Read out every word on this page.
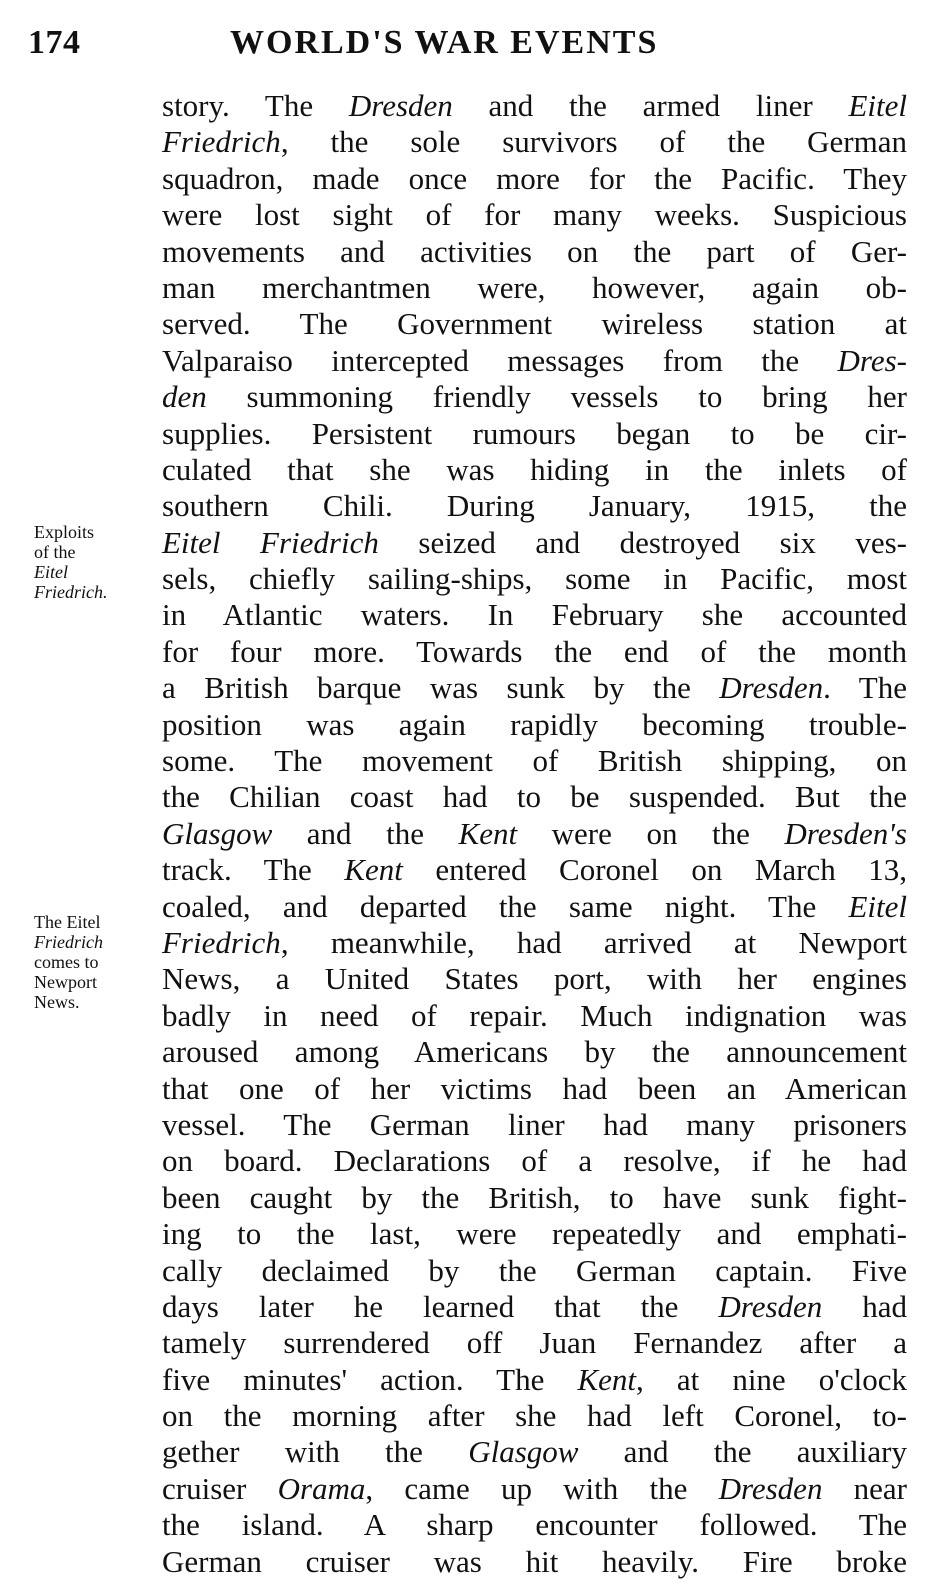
174	WORLD'S WAR EVENTS
Exploits
of the
Eitel
Friedrich.
The Eitel
Friedrich
comes to
Newport
News.
story. The Dresden and the armed liner Eitel
Friedrich, the sole survivors of the German
squadron, made once more for the Pacific. They
were lost sight of for many weeks. Suspicious
movements and activities on the part of Ger-
man merchantmen were, however, again ob-
served. The Government wireless station at
Valparaiso intercepted messages from the Dres-
den summoning friendly vessels to bring her
supplies. Persistent rumours began to be cir-
culated that she was hiding in the inlets of
southern Chili. During January, 1915, the
Eitel Friedrich seized and destroyed six ves-
sels, chiefly sailing-ships, some in Pacific, most
in Atlantic waters. In February she accounted
for four more. Towards the end of the month
a British barque was sunk by the Dresden. The
position was again rapidly becoming trouble-
some. The movement of British shipping, on
the Chilian coast had to be suspended. But the
Glasgow and the Kent were on the Dresden's
track. The Kent entered Coronel on March 13,
coaled, and departed the same night. The Eitel
Friedrich, meanwhile, had arrived at Newport
News, a United States port, with her engines
badly in need of repair. Much indignation was
aroused among Americans by the announcement
that one of her victims had been an American
vessel. The German liner had many prisoners
on board. Declarations of a resolve, if he had
been caught by the British, to have sunk fight-
ing to the last, were repeatedly and emphati-
cally declaimed by the German captain. Five
days later he learned that the Dresden had
tamely surrendered off Juan Fernandez after a
five minutes' action. The Kent, at nine o'clock
on the morning after she had left Coronel, to-
gether with the Glasgow and the auxiliary
cruiser Orama, came up with the Dresden near
the island. A sharp encounter followed. The
German cruiser was hit heavily. Fire broke
